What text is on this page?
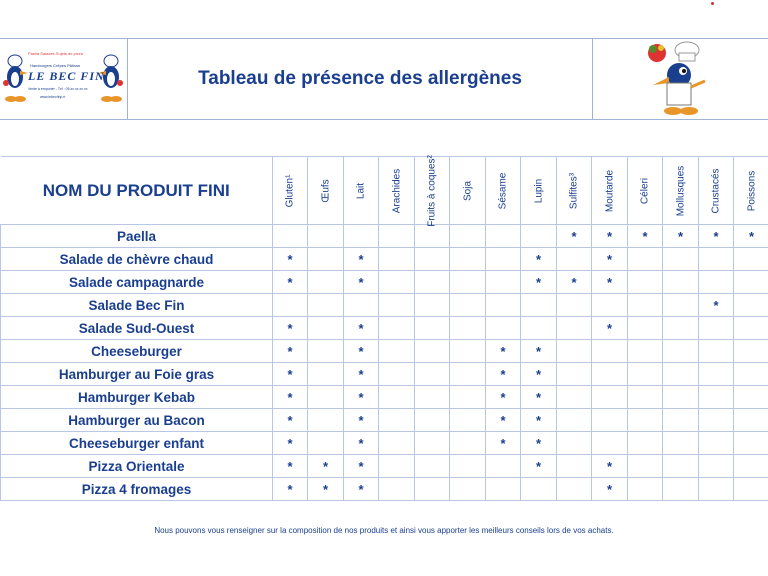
Paella Salades Sujets de pizza
Hamburgers Crêpes Pâtisse
LE BEC FIN
Vente à emporter - Tél : 05.xx.xx.xx.xx
www.lebecfinp.fr
Tableau de présence des allergènes
NOM DU PRODUIT FINI	Gluten¹	Œufs	Lait	Arachides	Fruits à coques²	Soja	Sésame	Lupin	Sulfites³	Moutarde	Céleri	Mollusques	Crustacés	Poissons

Paella									*	*	*	*	*	*
Salade de chèvre chaud	*		*					*		*				
Salade campagnarde	*		*					*	*	*				
Salade Bec Fin													*	
Salade Sud-Ouest	*		*							*				
Cheeseburger	*		*				*	*						
Hamburger au Foie gras	*		*				*	*						
Hamburger Kebab	*		*				*	*						
Hamburger au Bacon	*		*				*	*						
Cheeseburger enfant	*		*				*	*						
Pizza Orientale	*	*	*					*		*				
Pizza 4 fromages	*	*	*							*				
Nous pouvons vous renseigner sur la composition de nos produits et ainsi vous apporter les meilleurs conseils lors de vos achats.
